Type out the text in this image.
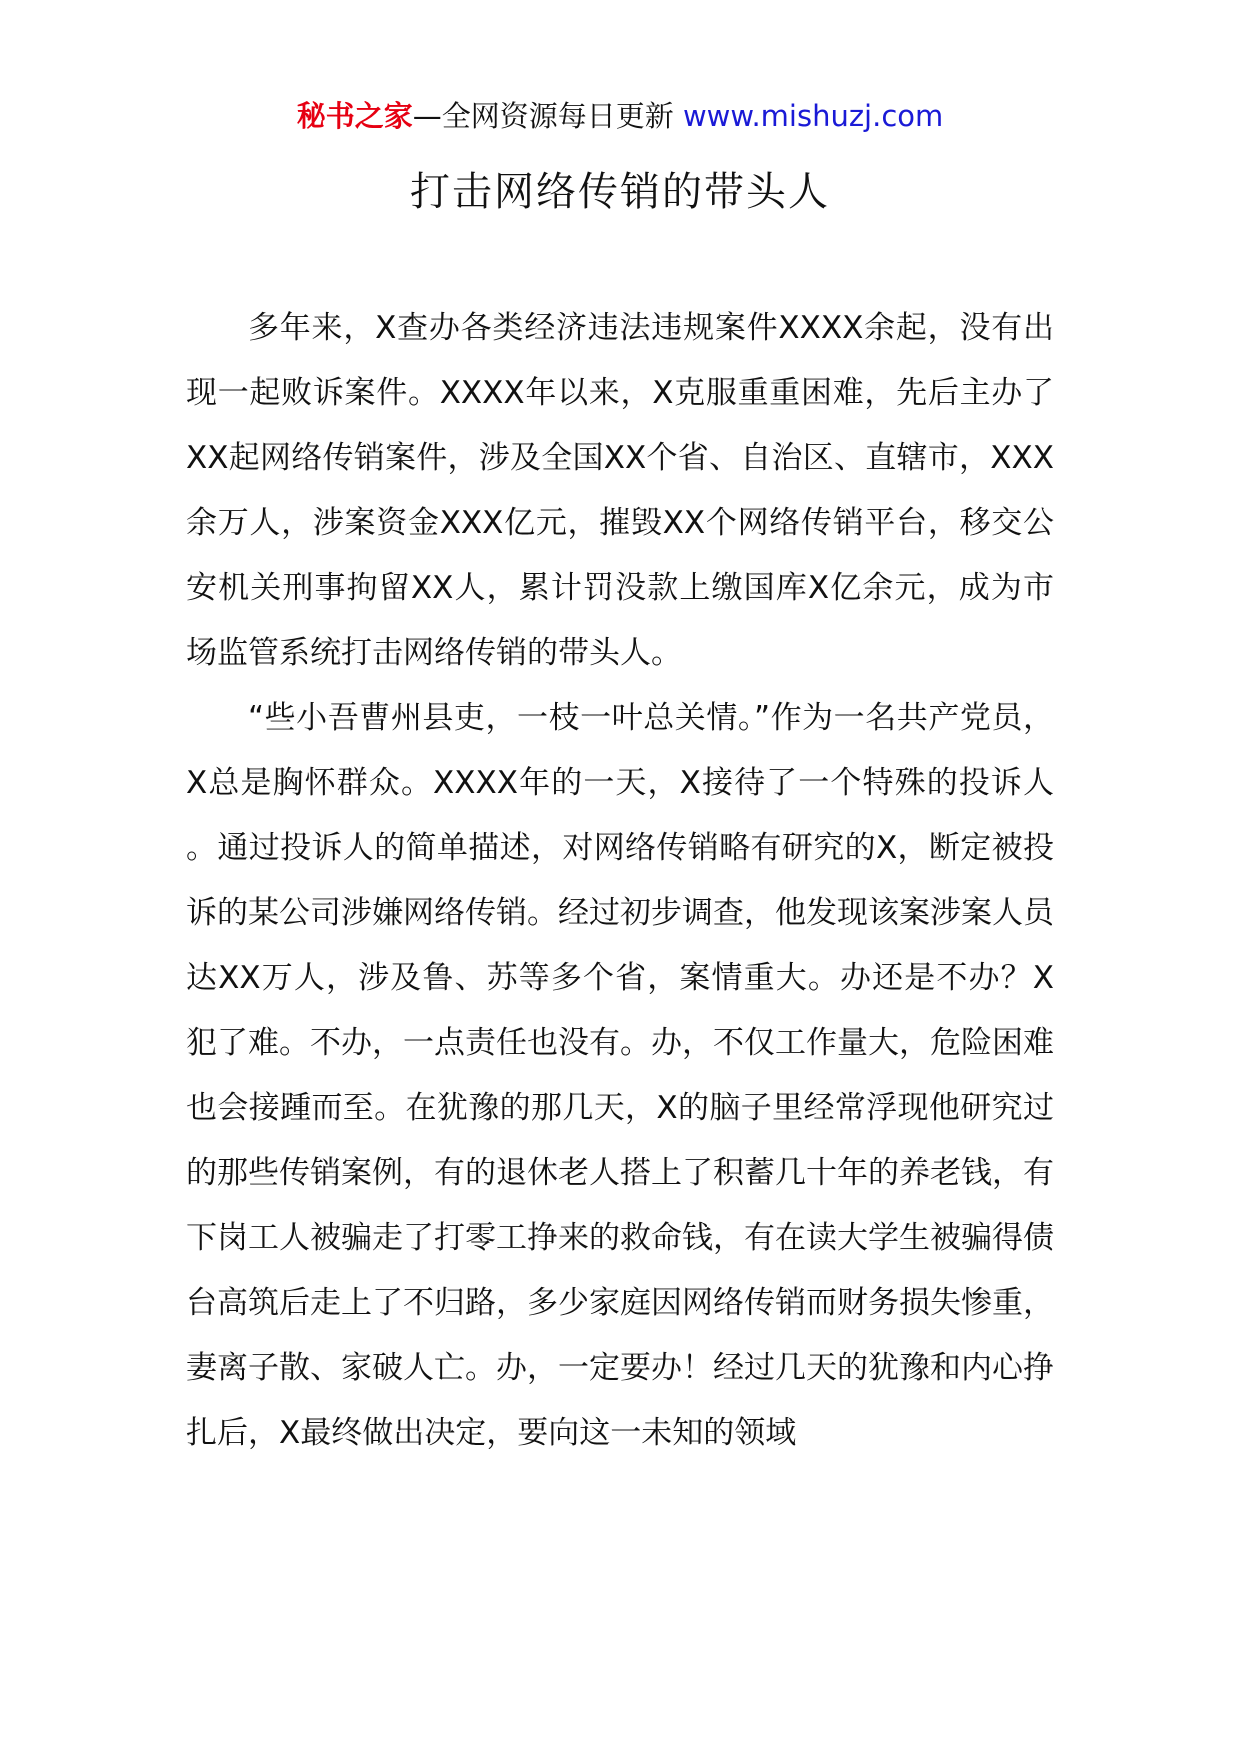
秘书之家—全网资源每日更新 www.mishuzj.com
打击网络传销的带头人

多年来，X查办各类经济违法违规案件XXXX余起，没有出现一起败诉案件。XXXX年以来，X克服重重困难，先后主办了XX起网络传销案件，涉及全国XX个省、自治区、直辖市，XXX余万人，涉案资金XXX亿元，摧毁XX个网络传销平台，移交公安机关刑事拘留XX人，累计罚没款上缴国库X亿余元，成为市场监管系统打击网络传销的带头人。

“些小吾曹州县吏，一枝一叶总关情。”作为一名共产党员，X总是胸怀群众。XXXX年的一天，X接待了一个特殊的投诉人。通过投诉人的简单描述，对网络传销略有研究的X，断定被投诉的某公司涉嫌网络传销。经过初步调查，他发现该案涉案人员达XX万人，涉及鲁、苏等多个省，案情重大。办还是不办？X犯了难。不办，一点责任也没有。办，不仅工作量大，危险困难也会接踵而至。在犹豫的那几天，X的脑子里经常浮现他研究过的那些传销案例，有的退休老人搭上了积蓄几十年的养老钱，有下岗工人被骗走了打零工挣来的救命钱，有在读大学生被骗得债台高筑后走上了不归路，多少家庭因网络传销而财务损失惨重，妻离子散、家破人亡。办，一定要办！经过几天的犹豫和内心挣扎后，X最终做出决定，要向这一未知的领域
